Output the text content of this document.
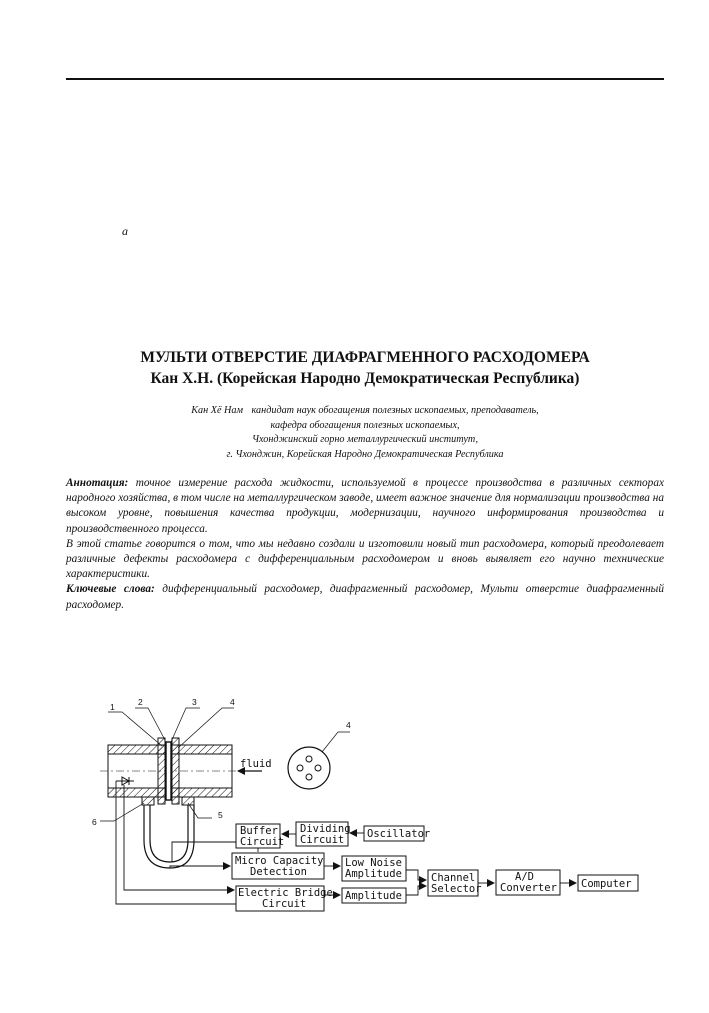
a
МУЛЬТИ ОТВЕРСТИЕ ДИАФРАГМЕННОГО РАСХОДОМЕРА
Кан Х.Н. (Корейская Народно Демократическая Республика)
Кан Хё Нам кандидат наук обогащения полезных ископаемых, преподаватель,
кафедра обогащения полезных ископаемых,
Чхонджинский горно металлургический институт,
г. Чхонджин, Корейская Народно Демократическая Республика

Аннотация: точное измерение расхода жидкости, используемой в процессе производства в различных секторах народного хозяйства, в том числе на металлургическом заводе, имеет важное значение для нормализации производства на высоком уровне, повышения качества продукции, модернизации, научного информирования производства и производственного процесса.

В этой статье говорится о том, что мы недавно создали и изготовили новый тип расходомера, который преодолевает различные дефекты расходомера с дифференциальным расходомером и вновь выявляет его научно технические характеристики.

Ключевые слова: дифференциальный расходомер, диафрагменный расходомер, Мульти отверстие диафрагменный расходомер.

fluid
1	2	3	4
5
6
4
Buffer
Circuit
Dividing
Circuit Oscillator
Micro Capacity
Detection
Low Noise
Amplitude	Channel
Selector
A/D
Converter Computer
Electric Bridge
Circuit
Amplitude
